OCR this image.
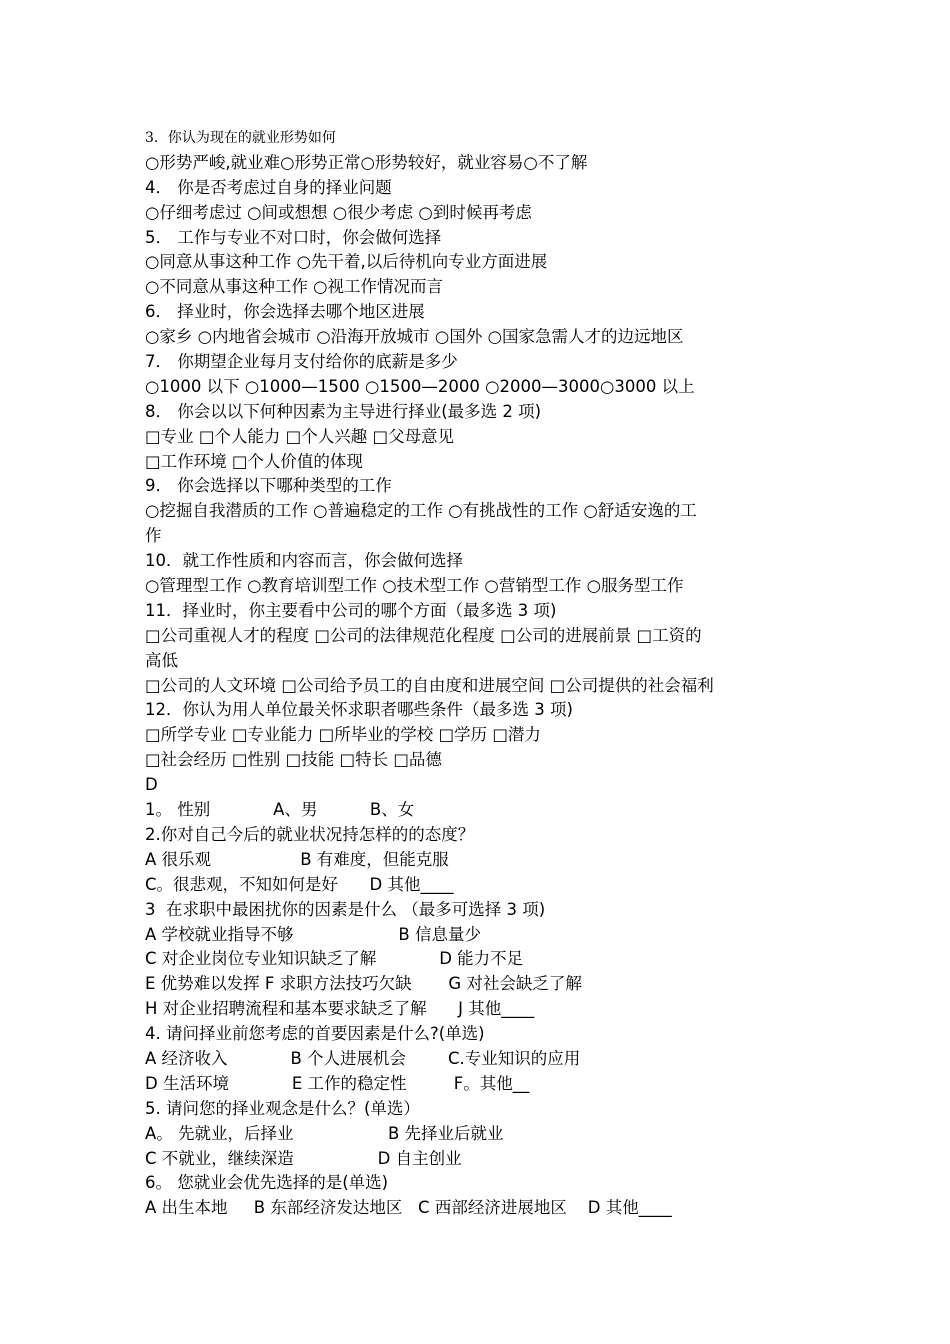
3．你认为现在的就业形势如何
○形势严峻,就业难○形势正常○形势较好，就业容易○不了解
4． 你是否考虑过自身的择业问题
○仔细考虑过 ○间或想想 ○很少考虑 ○到时候再考虑
5． 工作与专业不对口时，你会做何选择
○同意从事这种工作 ○先干着,以后待机向专业方面进展
○不同意从事这种工作 ○视工作情况而言
6． 择业时，你会选择去哪个地区进展
○家乡 ○内地省会城市 ○沿海开放城市 ○国外 ○国家急需人才的边远地区
7． 你期望企业每月支付给你的底薪是多少
○1000 以下 ○1000—1500 ○1500—2000 ○2000—3000○3000 以上
8． 你会以以下何种因素为主导进行择业(最多选 2 项)
□专业 □个人能力 □个人兴趣 □父母意见
□工作环境 □个人价值的体现
9． 你会选择以下哪种类型的工作
○挖掘自我潜质的工作 ○普遍稳定的工作 ○有挑战性的工作 ○舒适安逸的工
作
10．就工作性质和内容而言，你会做何选择
○管理型工作 ○教育培训型工作 ○技术型工作 ○营销型工作 ○服务型工作
11．择业时，你主要看中公司的哪个方面（最多选 3 项)
□公司重视人才的程度 □公司的法律规范化程度 □公司的进展前景 □工资的
高低
□公司的人文环境 □公司给予员工的自由度和进展空间 □公司提供的社会福利
12．你认为用人单位最关怀求职者哪些条件（最多选 3 项)
□所学专业 □专业能力 □所毕业的学校 □学历 □潜力
□社会经历 □性别 □技能 □特长 □品德
D
1。 性别            A、男          B、女
2.你对自己今后的就业状况持怎样的的态度？
A 很乐观                 B 有难度，但能克服
C。很悲观，不知如何是好      D 其他____
3  在求职中最困扰你的因素是什么 （最多可选择 3 项)
A 学校就业指导不够                    B 信息量少
C 对企业岗位专业知识缺乏了解            D 能力不足
E 优势难以发挥 F 求职方法技巧欠缺       G 对社会缺乏了解
H 对企业招聘流程和基本要求缺乏了解      J 其他____
4. 请问择业前您考虑的首要因素是什么?(单选)
A 经济收入            B 个人进展机会        C.专业知识的应用
D 生活环境            E 工作的稳定性         F。其他__
5. 请问您的择业观念是什么？(单选）
A。 先就业，后择业                  B 先择业后就业
C 不就业，继续深造                D 自主创业
6。 您就业会优先选择的是(单选)
A 出生本地     B 东部经济发达地区   C 西部经济进展地区    D 其他____
